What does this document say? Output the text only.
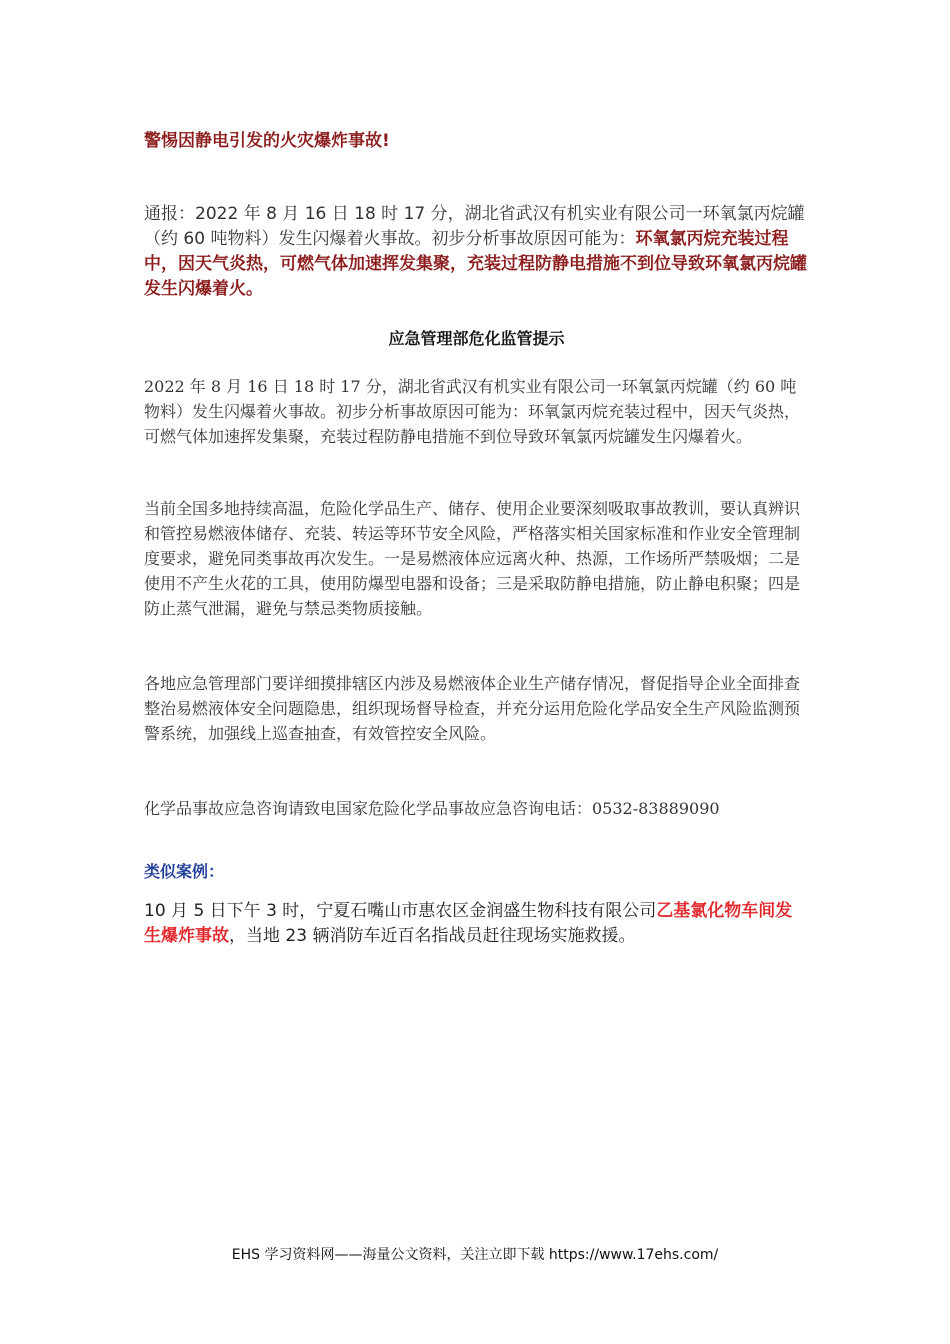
警惕因静电引发的火灾爆炸事故!
通报：2022 年 8 月 16 日 18 时 17 分，湖北省武汉有机实业有限公司一环氧氯丙烷罐（约 60 吨物料）发生闪爆着火事故。初步分析事故原因可能为：环氧氯丙烷充装过程中，因天气炎热，可燃气体加速挥发集聚，充装过程防静电措施不到位导致环氧氯丙烷罐发生闪爆着火。
应急管理部危化监管提示
2022 年 8 月 16 日 18 时 17 分，湖北省武汉有机实业有限公司一环氧氯丙烷罐（约 60 吨物料）发生闪爆着火事故。初步分析事故原因可能为：环氧氯丙烷充装过程中，因天气炎热，可燃气体加速挥发集聚，充装过程防静电措施不到位导致环氧氯丙烷罐发生闪爆着火。
当前全国多地持续高温，危险化学品生产、储存、使用企业要深刻吸取事故教训，要认真辨识和管控易燃液体储存、充装、转运等环节安全风险，严格落实相关国家标准和作业安全管理制度要求，避免同类事故再次发生。一是易燃液体应远离火种、热源，工作场所严禁吸烟；二是使用不产生火花的工具，使用防爆型电器和设备；三是采取防静电措施，防止静电积聚；四是防止蒸气泄漏，避免与禁忌类物质接触。
各地应急管理部门要详细摸排辖区内涉及易燃液体企业生产储存情况，督促指导企业全面排查整治易燃液体安全问题隐患，组织现场督导检查，并充分运用危险化学品安全生产风险监测预警系统，加强线上巡查抽查，有效管控安全风险。
化学品事故应急咨询请致电国家危险化学品事故应急咨询电话：0532-83889090
类似案例：
10 月 5 日下午 3 时，宁夏石嘴山市惠农区金润盛生物科技有限公司乙基氯化物车间发生爆炸事故，当地 23 辆消防车近百名指战员赶往现场实施救援。
EHS 学习资料网——海量公文资料，关注立即下载 https://www.17ehs.com/
